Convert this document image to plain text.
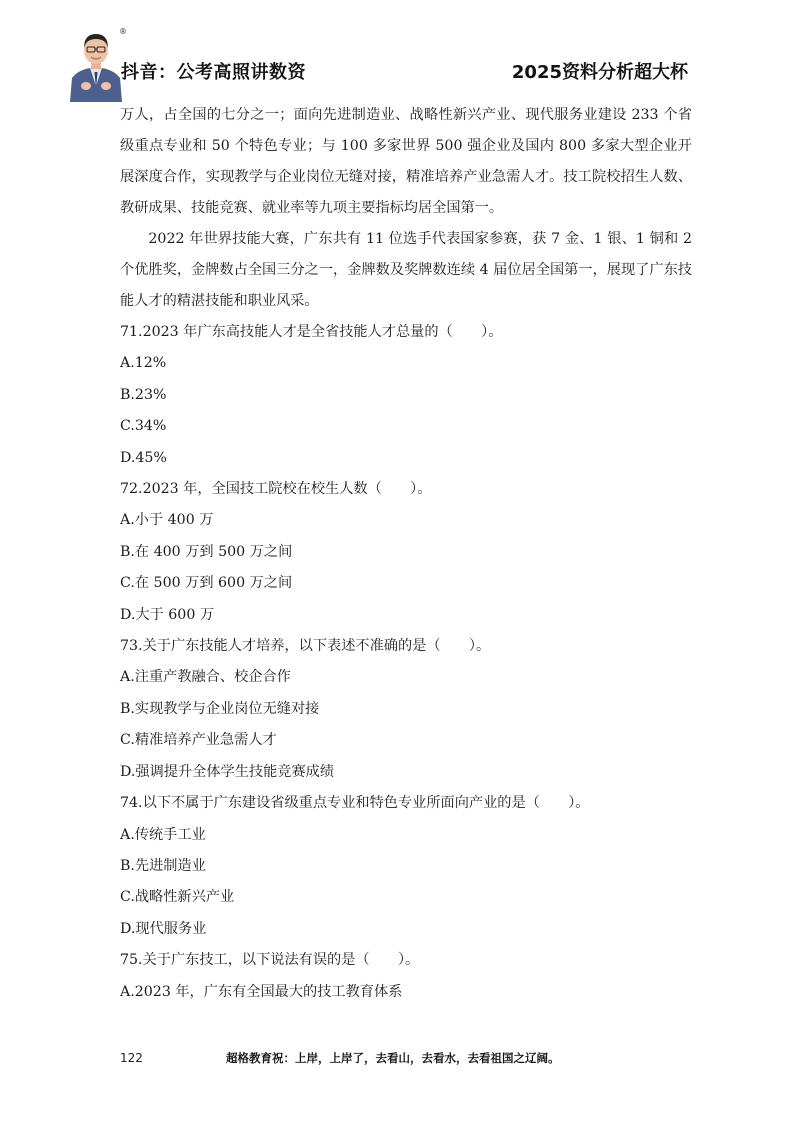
®
抖音：公考高照讲数资	2025资料分析超大杯

万人，占全国的七分之一；面向先进制造业、战略性新兴产业、现代服务业建设 233 个省级重点专业和 50 个特色专业；与 100 多家世界 500 强企业及国内 800 多家大型企业开展深度合作，实现教学与企业岗位无缝对接，精准培养产业急需人才。技工院校招生人数、教研成果、技能竞赛、就业率等九项主要指标均居全国第一。

2022 年世界技能大赛，广东共有 11 位选手代表国家参赛，获 7 金、1 银、1 铜和 2 个优胜奖，金牌数占全国三分之一，金牌数及奖牌数连续 4 届位居全国第一，展现了广东技能人才的精湛技能和职业风采。

71.2023 年广东高技能人才是全省技能人才总量的（　　）。

A.12%

B.23%

C.34%

D.45%

72.2023 年，全国技工院校在校生人数（　　）。

A.小于 400 万

B.在 400 万到 500 万之间

C.在 500 万到 600 万之间

D.大于 600 万

73.关于广东技能人才培养，以下表述不准确的是（　　）。

A.注重产教融合、校企合作

B.实现教学与企业岗位无缝对接

C.精准培养产业急需人才

D.强调提升全体学生技能竞赛成绩

74.以下不属于广东建设省级重点专业和特色专业所面向产业的是（　　）。

A.传统手工业

B.先进制造业

C.战略性新兴产业

D.现代服务业

75.关于广东技工，以下说法有误的是（　　）。

A.2023 年，广东有全国最大的技工教育体系

122	超格教育祝：上岸，上岸了，去看山，去看水，去看祖国之辽阔。
